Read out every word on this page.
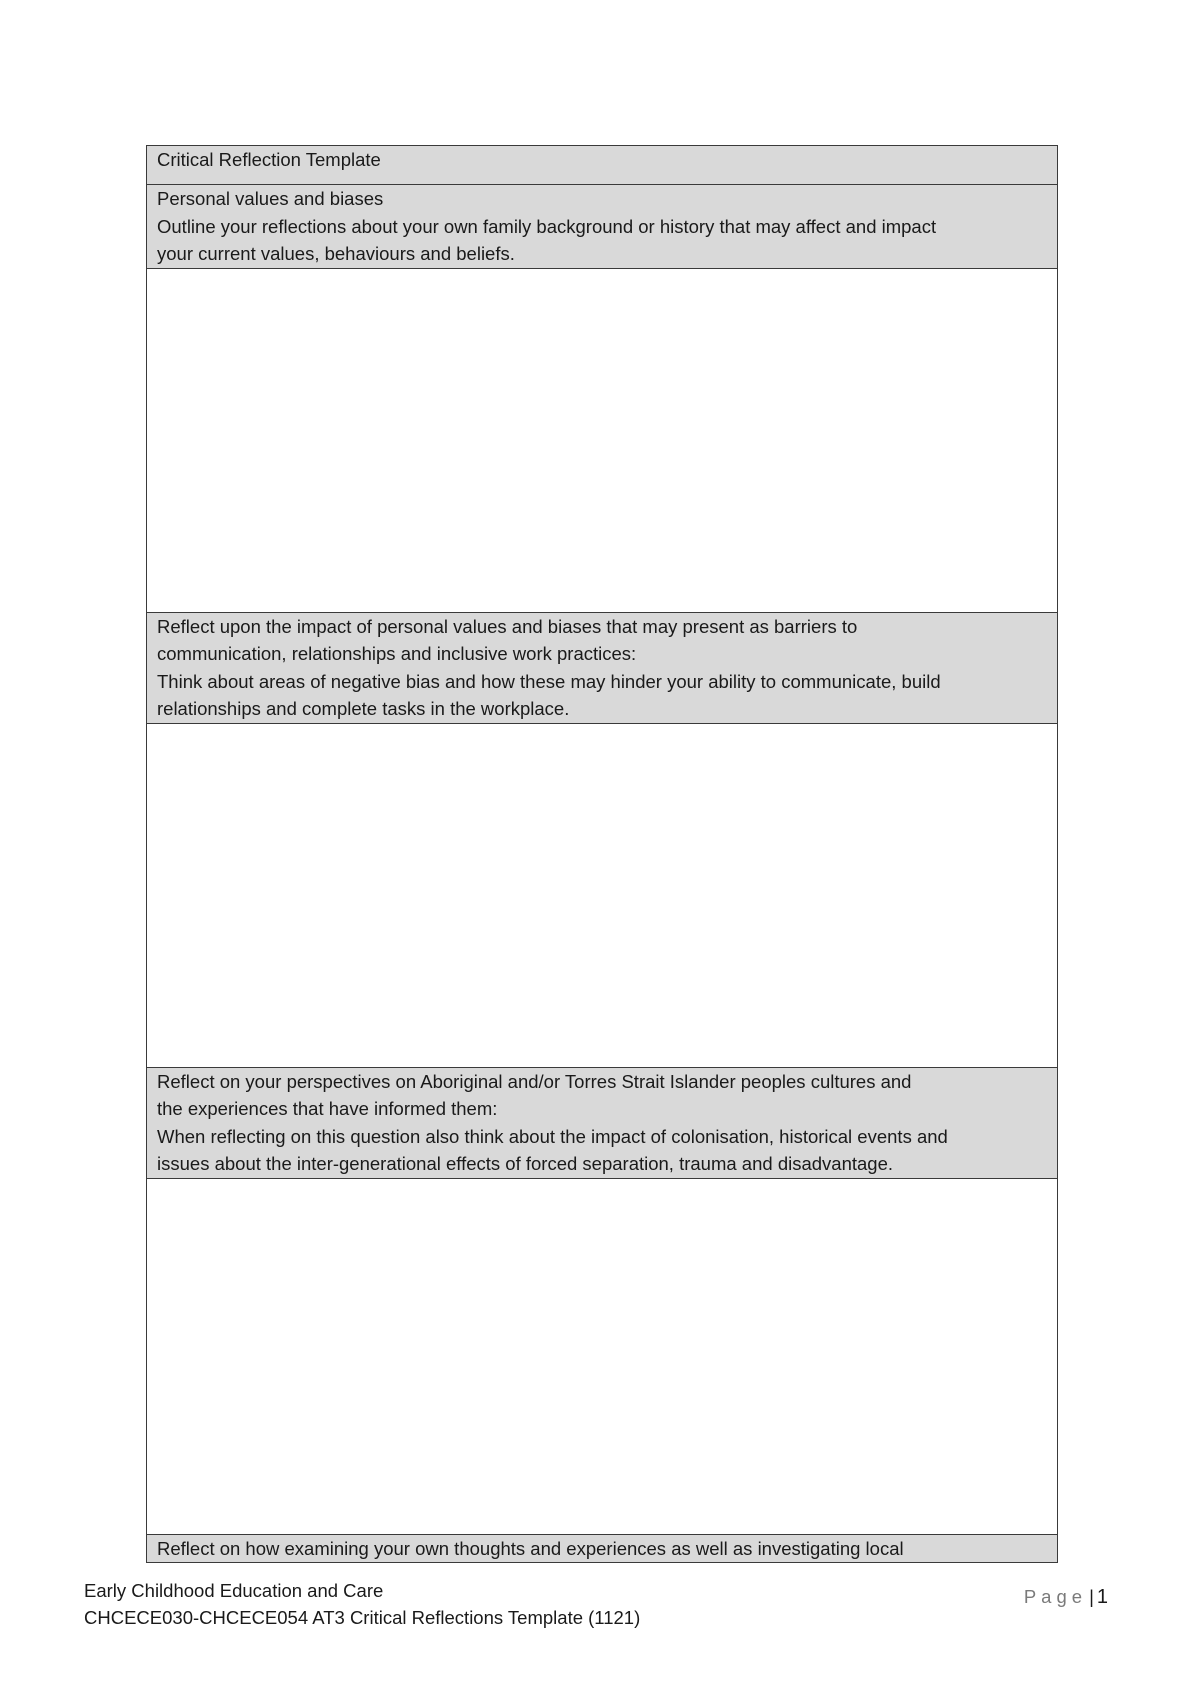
Critical Reflection Template

Personal values and biases
Outline your reflections about your own family background or history that may affect and impact
your current values, behaviours and beliefs.

Reflect upon the impact of personal values and biases that may present as barriers to
communication, relationships and inclusive work practices:
Think about areas of negative bias and how these may hinder your ability to communicate, build
relationships and complete tasks in the workplace.

Reflect on your perspectives on Aboriginal and/or Torres Strait Islander peoples cultures and
the experiences that have informed them:
When reflecting on this question also think about the impact of colonisation, historical events and
issues about the inter-generational effects of forced separation, trauma and disadvantage.

Reflect on how examining your own thoughts and experiences as well as investigating local
Early Childhood Education and Care
CHCECE030-CHCECE054 AT3 Critical Reflections Template (1121)
Page | 1
